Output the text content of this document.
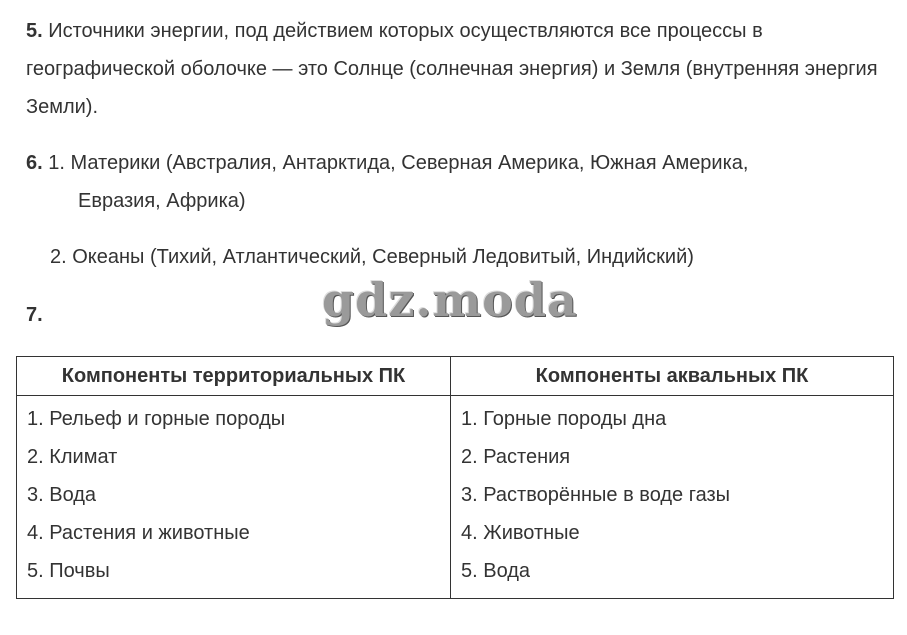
5. Источники энергии, под действием которых осуществляются все процессы в географической оболочке — это Солнце (солнечная энергия) и Земля (внутренняя энергия Земли).
6. 1. Материки (Австралия, Антарктида, Северная Америка, Южная Америка,
Евразия, Африка)
2. Океаны (Тихий, Атлантический, Северный Ледовитый, Индийский)
7.	gdz.moda
Компоненты территориальных ПК	Компоненты аквальных ПК
1. Рельеф и горные породы	1. Горные породы дна
2. Климат	2. Растения
3. Вода	3. Растворённые в воде газы
4. Растения и животные	4. Животные
5. Почвы	5. Вода
